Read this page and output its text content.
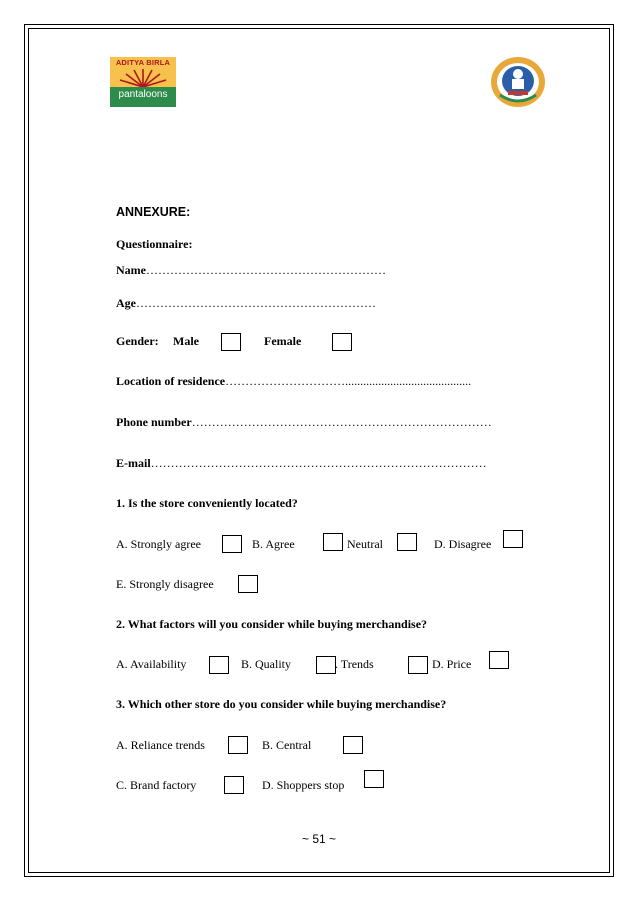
ADITYA BIRLA
pantaloons
ANNEXURE:
Questionnaire:
Name……………………………………………………
Age……………………………………………………
Gender: Male	Female
Location of residence…………………………..........................................
Phone number…………………………………………………………………
E-mail…………………………………………………………………………
1. Is the store conveniently located?
A. Strongly agree	B. Agree	Neutral	D. Disagree
E. Strongly disagree
2. What factors will you consider while buying merchandise?
A. Availability	B. Quality	. Trends	D. Price
3. Which other store do you consider while buying merchandise?
A. Reliance trends	B. Central
C. Brand factory	D. Shoppers stop
~ 51 ~
